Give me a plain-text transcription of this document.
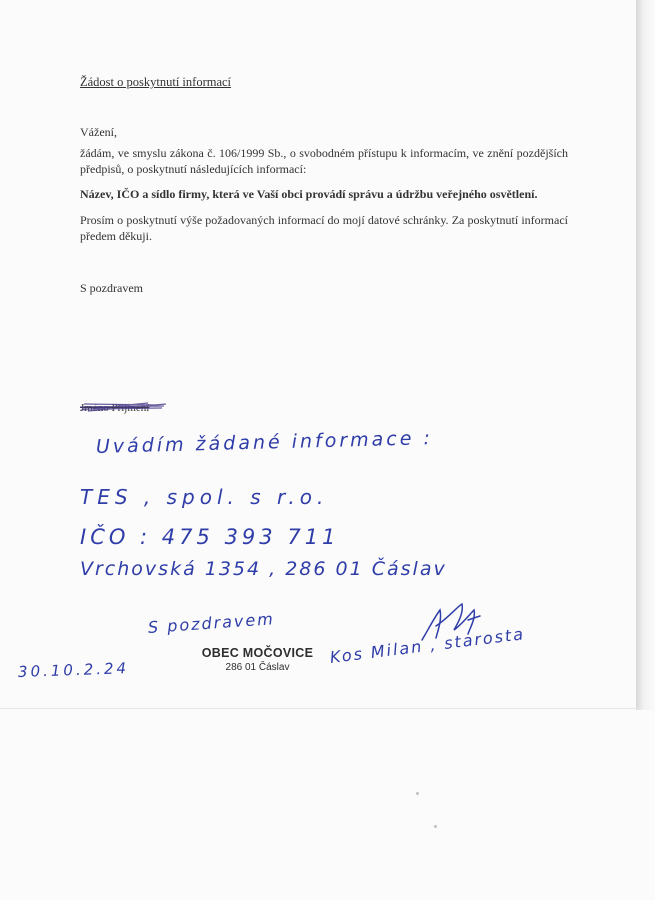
Žádost o poskytnutí informací
Vážení,
žádám, ve smyslu zákona č. 106/1999 Sb., o svobodném přístupu k informacím, ve znění pozdějších předpisů, o poskytnutí následujících informací:
Název, IČO a sídlo firmy, která ve Vaší obci provádí správu a údržbu veřejného osvětlení.
Prosím o poskytnutí výše požadovaných informací do mojí datové schránky. Za poskytnutí informací předem děkuji.
S pozdravem
Jméno Příjmení
Uvádím žádané informace :
TES , spol. s r.o.
IČO : 475 393 711
Vrchovská 1354 , 286 01 Čáslav
S pozdravem
Kos Milan , starosta
30.10.2.24
OBEC MOČOVICE
286 01 Čáslav
